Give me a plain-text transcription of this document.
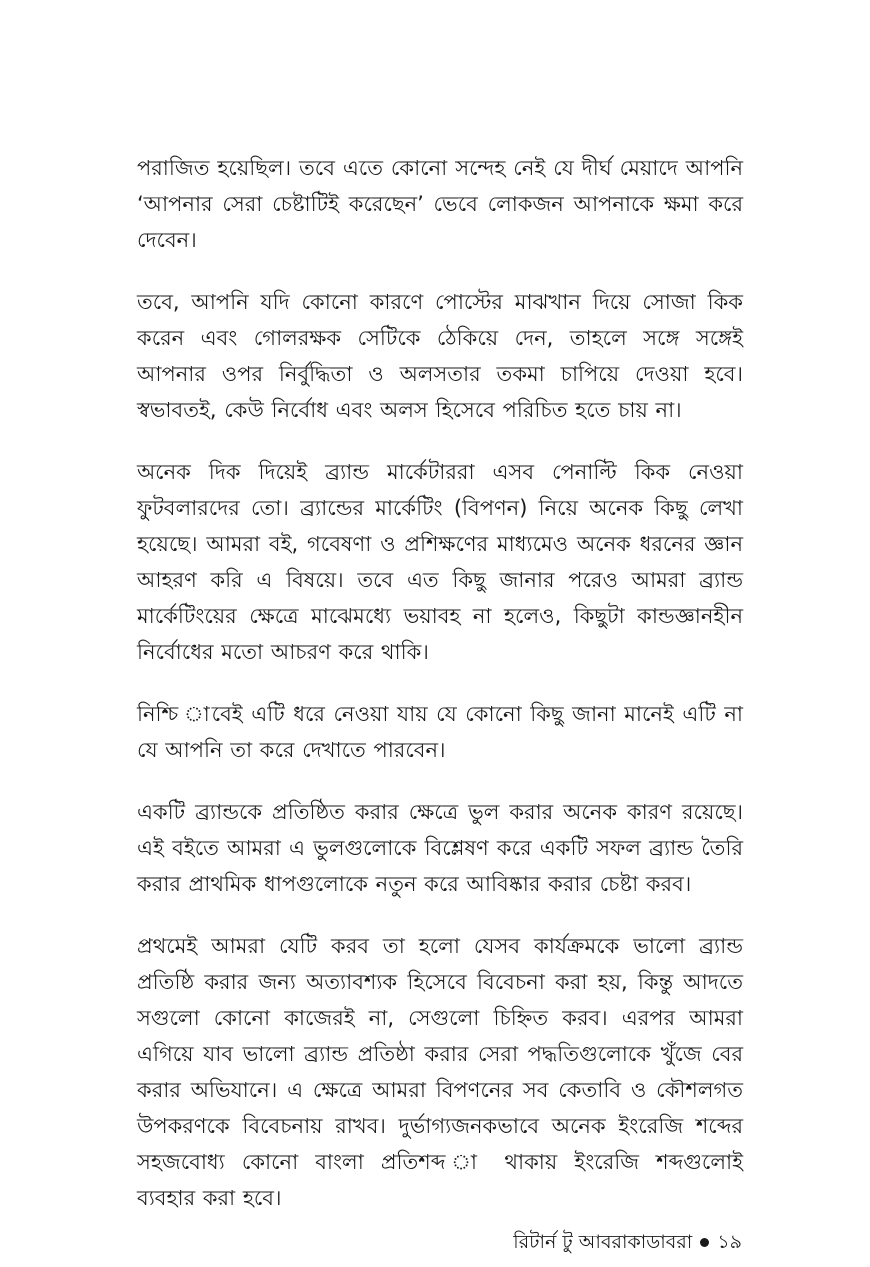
পরাজিত হয়েছিল। তবে এতে কোনো সন্দেহ নেই যে দীর্ঘ মেয়াদে আপনি ‘আপনার সেরা চেষ্টাটিই করেছেন’ ভেবে লোকজন আপনাকে ক্ষমা করে দেবেন।

তবে, আপনি যদি কোনো কারণে পোস্টের মাঝখান দিয়ে সোজা কিক করেন এবং গোলরক্ষক সেটিকে ঠেকিয়ে দেন, তাহলে সঙ্গে সঙ্গেই আপনার ওপর নির্বুদ্ধিতা ও অলসতার তকমা চাপিয়ে দেওয়া হবে। স্বভাবতই, কেউ নির্বোধ এবং অলস হিসেবে পরিচিত হতে চায় না।

অনেক দিক দিয়েই ব্র্যান্ড মার্কেটাররা এসব পেনাল্টি কিক নেওয়া ফুটবলারদের তো। ব্র্যান্ডের মার্কেটিং (বিপণন) নিয়ে অনেক কিছু লেখা হয়েছে। আমরা বই, গবেষণা ও প্রশিক্ষণের মাধ্যমেও অনেক ধরনের জ্ঞান আহরণ করি এ বিষয়ে। তবে এত কিছু জানার পরেও আমরা ব্র্যান্ড মার্কেটিংয়ের ক্ষেত্রে মাঝেমধ্যে ভয়াবহ না হলেও, কিছুটা কান্ডজ্ঞানহীন নির্বোধের মতো আচরণ করে থাকি।

নিশ্চি াবেই এটি ধরে নেওয়া যায় যে কোনো কিছু জানা মানেই এটি না যে আপনি তা করে দেখাতে পারবেন।

একটি ব্র্যান্ডকে প্রতিষ্ঠিত করার ক্ষেত্রে ভুল করার অনেক কারণ রয়েছে। এই বইতে আমরা এ ভুলগুলোকে বিশ্লেষণ করে একটি সফল ব্র্যান্ড তৈরি করার প্রাথমিক ধাপগুলোকে নতুন করে আবিষ্কার করার চেষ্টা করব।

প্রথমেই আমরা যেটি করব তা হলো যেসব কার্যক্রমকে ভালো ব্র্যান্ড প্রতিষ্ঠি করার জন্য অত্যাবশ্যক হিসেবে বিবেচনা করা হয়, কিন্তু আদতে সগুলো কোনো কাজেরই না, সেগুলো চিহ্নিত করব। এরপর আমরা এগিয়ে যাব ভালো ব্র্যান্ড প্রতিষ্ঠা করার সেরা পদ্ধতিগুলোকে খুঁজে বের করার অভিযানে। এ ক্ষেত্রে আমরা বিপণনের সব কেতাবি ও কৌশলগত উপকরণকে বিবেচনায় রাখব। দুর্ভাগ্যজনকভাবে অনেক ইংরেজি শব্দের সহজবোধ্য কোনো বাংলা প্রতিশব্দ া থাকায় ইংরেজি শব্দগুলোই ব্যবহার করা হবে।

রিটার্ন টু আবরাকাডাবরা ১৯
